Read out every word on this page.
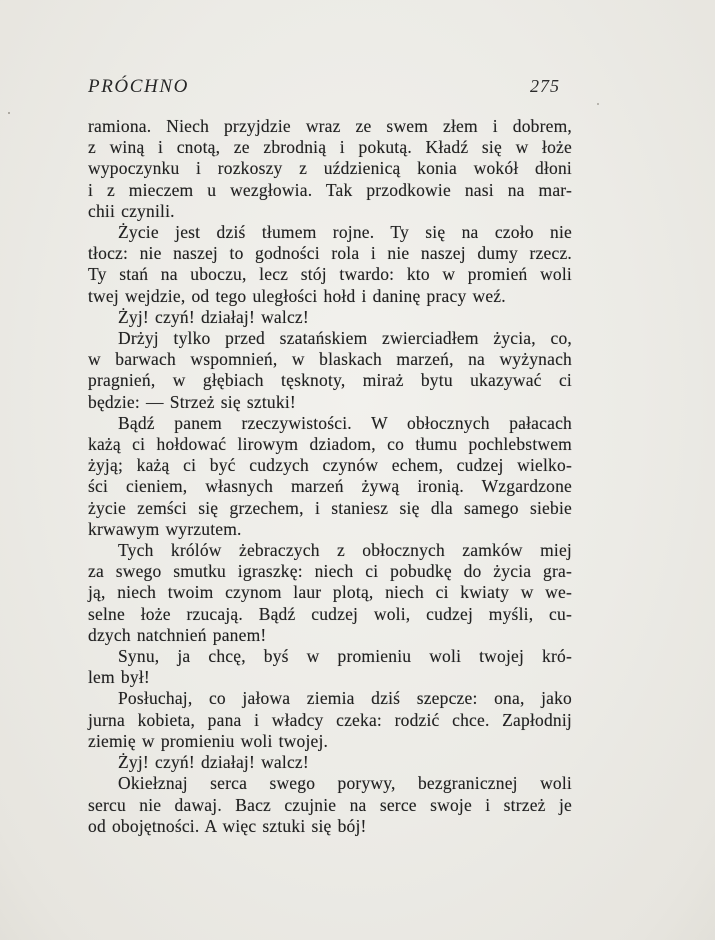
PRÓCHNO	275
ramiona. Niech przyjdzie wraz ze swem złem i dobrem,
z winą i cnotą, ze zbrodnią i pokutą. Kładź się w łoże
wypoczynku i rozkoszy z uździenicą konia wokół dłoni
i z mieczem u wezgłowia. Tak przodkowie nasi na mar-
chii czynili.
Życie jest dziś tłumem rojne. Ty się na czoło nie
tłocz: nie naszej to godności rola i nie naszej dumy rzecz.
Ty stań na uboczu, lecz stój twardo: kto w promień woli
twej wejdzie, od tego uległości hołd i daninę pracy weź.
Żyj! czyń! działaj! walcz!
Drżyj tylko przed szatańskiem zwierciadłem życia, co,
w barwach wspomnień, w blaskach marzeń, na wyżynach
pragnień, w głębiach tęsknoty, miraż bytu ukazywać ci
będzie: — Strzeż się sztuki!
Bądź panem rzeczywistości. W obłocznych pałacach
każą ci hołdować lirowym dziadom, co tłumu pochlebstwem
żyją; każą ci być cudzych czynów echem, cudzej wielko-
ści cieniem, własnych marzeń żywą ironią. Wzgardzone
życie zemści się grzechem, i staniesz się dla samego siebie
krwawym wyrzutem.
Tych królów żebraczych z obłocznych zamków miej
za swego smutku igraszkę: niech ci pobudkę do życia gra-
ją, niech twoim czynom laur plotą, niech ci kwiaty w we-
selne łoże rzucają. Bądź cudzej woli, cudzej myśli, cu-
dzych natchnień panem!
Synu, ja chcę, byś w promieniu woli twojej kró-
lem był!
Posłuchaj, co jałowa ziemia dziś szepcze: ona, jako
jurna kobieta, pana i władcy czeka: rodzić chce. Zapłodnij
ziemię w promieniu woli twojej.
Żyj! czyń! działaj! walcz!
Okiełznaj serca swego porywy, bezgranicznej woli
sercu nie dawaj. Bacz czujnie na serce swoje i strzeż je
od obojętności. A więc sztuki się bój!
